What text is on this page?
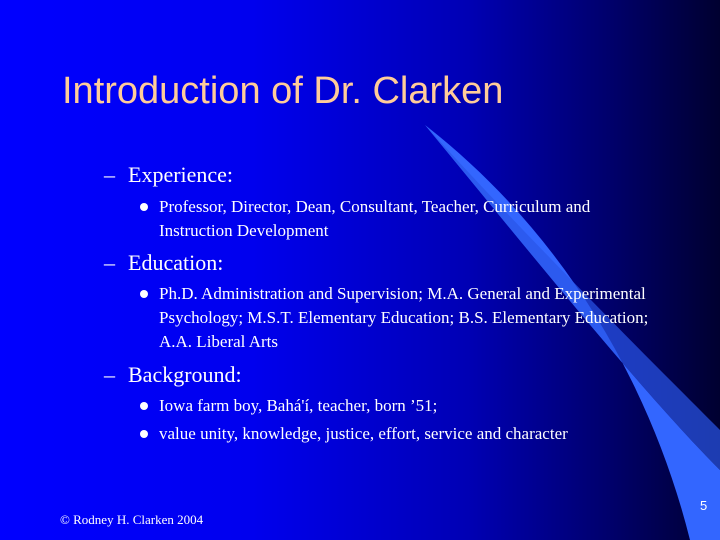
Introduction of Dr. Clarken
– Experience:
Professor, Director, Dean, Consultant, Teacher, Curriculum and Instruction Development
– Education:
Ph.D. Administration and Supervision; M.A. General and Experimental Psychology; M.S.T. Elementary Education; B.S. Elementary Education; A.A. Liberal Arts
– Background:
Iowa farm boy, Bahá'í, teacher, born ’51;
value unity, knowledge, justice, effort, service and character
© Rodney H. Clarken 2004
5
